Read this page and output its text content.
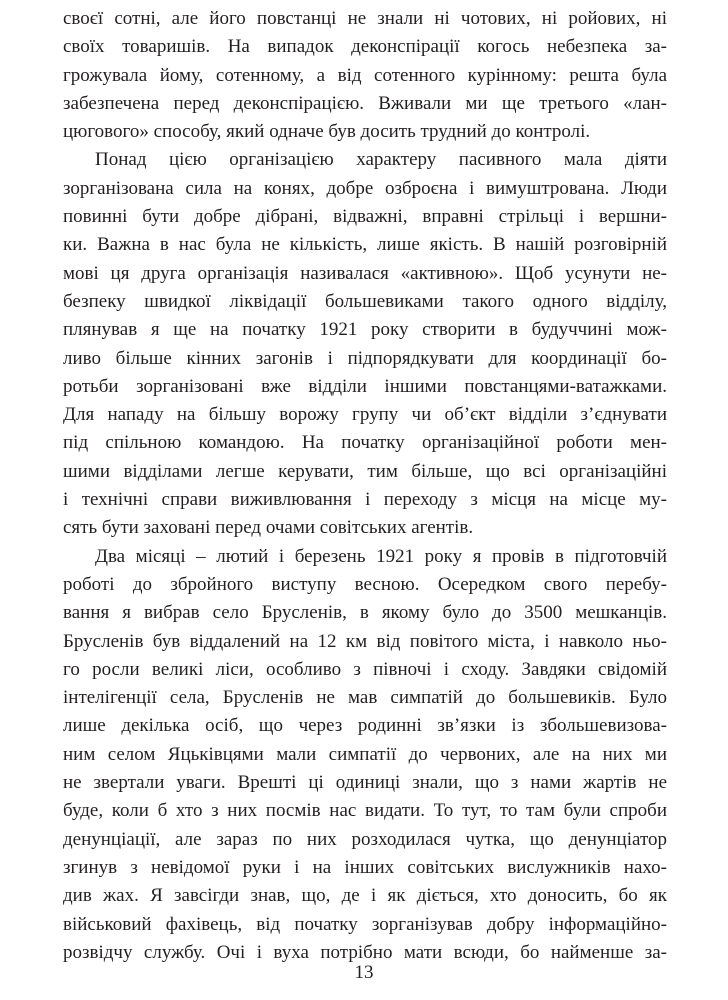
своєї сотні, але його повстанці не знали ні чотових, ні ройових, ні
своїх товаришів. На випадок деконспірації когось небезпека за-
грожувала йому, сотенному, а від сотенного курінному: решта була
забезпечена перед деконспірацією. Вживали ми ще третього «лан-
цюгового» способу, який одначе був досить трудний до контролі.
Понад цією організацією характеру пасивного мала діяти
зорганізована сила на конях, добре озброєна і вимуштрована. Люди
повинні бути добре дібрані, відважні, вправні стрільці і вершни-
ки. Важна в нас була не кількість, лише якість. В нашій розговірній
мові ця друга організація називалася «активною». Щоб усунути не-
безпеку швидкої ліквідації большевиками такого одного відділу,
плянував я ще на початку 1921 року створити в будуччині мож-
ливо більше кінних загонів і підпорядкувати для координації бо-
ротьби зорганізовані вже відділи іншими повстанцями-ватажками.
Для нападу на більшу ворожу групу чи об’єкт відділи з’єднувати
під спільною командою. На початку організаційної роботи мен-
шими відділами легше керувати, тим більше, що всі організаційні
і технічні справи виживлювання і переходу з місця на місце му-
сять бути заховані перед очами совітських агентів.
Два місяці – лютий і березень 1921 року я провів в підготовчій
роботі до збройного виступу весною. Осередком свого перебу-
вання я вибрав село Брусленів, в якому було до 3500 мешканців.
Брусленів був віддалений на 12 км від повітого міста, і навколо ньо-
го росли великі ліси, особливо з півночі і сходу. Завдяки свідомій
інтелігенції села, Брусленів не мав симпатій до большевиків. Було
лише декілька осіб, що через родинні зв’язки із збольшевизова-
ним селом Яцьківцями мали симпатії до червоних, але на них ми
не звертали уваги. Врешті ці одиниці знали, що з нами жартів не
буде, коли б хто з них посмів нас видати. То тут, то там були спроби
денунціації, але зараз по них розходилася чутка, що денунціатор
згинув з невідомої руки і на інших совітських вислужників нахо-
див жах. Я завсігди знав, що, де і як діється, хто доносить, бо як
військовий фахівець, від початку зорганізував добру інформаційно-
розвідчу службу. Очі і вуха потрібно мати всюди, бо найменше за-
13
